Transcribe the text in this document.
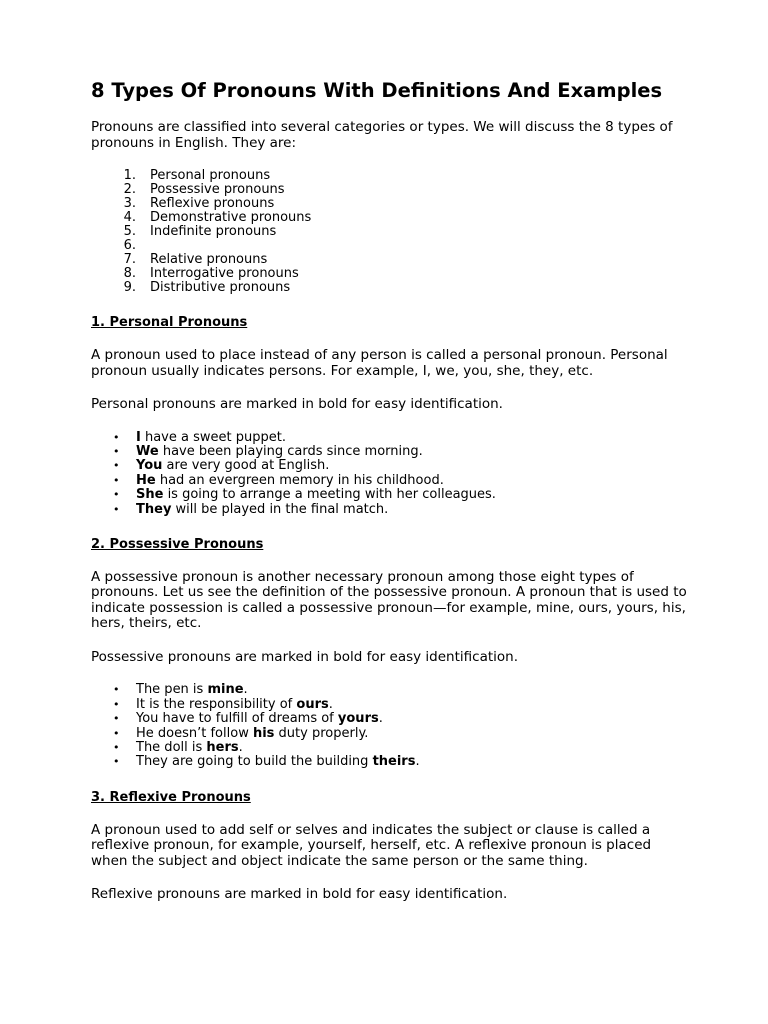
8 Types Of Pronouns With Definitions And Examples

Pronouns are classified into several categories or types. We will discuss the 8 types of pronouns in English. They are:

1.	Personal pronouns
2.	Possessive pronouns
3.	Reflexive pronouns
4.	Demonstrative pronouns
5.	Indefinite pronouns
6.
7.	Relative pronouns
8.	Interrogative pronouns
9.	Distributive pronouns
1. Personal Pronouns

A pronoun used to place instead of any person is called a personal pronoun. Personal pronoun usually indicates persons. For example, I, we, you, she, they, etc.

Personal pronouns are marked in bold for easy identification.

•	I have a sweet puppet.
•	We have been playing cards since morning.
•	You are very good at English.
•	He had an evergreen memory in his childhood.
•	She is going to arrange a meeting with her colleagues.
•	They will be played in the final match.
2. Possessive Pronouns

A possessive pronoun is another necessary pronoun among those eight types of pronouns. Let us see the definition of the possessive pronoun. A pronoun that is used to indicate possession is called a possessive pronoun—for example, mine, ours, yours, his, hers, theirs, etc.

Possessive pronouns are marked in bold for easy identification.

•	The pen is mine.
•	It is the responsibility of ours.
•	You have to fulfill of dreams of yours.
•	He doesn’t follow his duty properly.
•	The doll is hers.
•	They are going to build the building theirs.
3. Reflexive Pronouns

A pronoun used to add self or selves and indicates the subject or clause is called a reflexive pronoun, for example, yourself, herself, etc. A reflexive pronoun is placed when the subject and object indicate the same person or the same thing.

Reflexive pronouns are marked in bold for easy identification.
